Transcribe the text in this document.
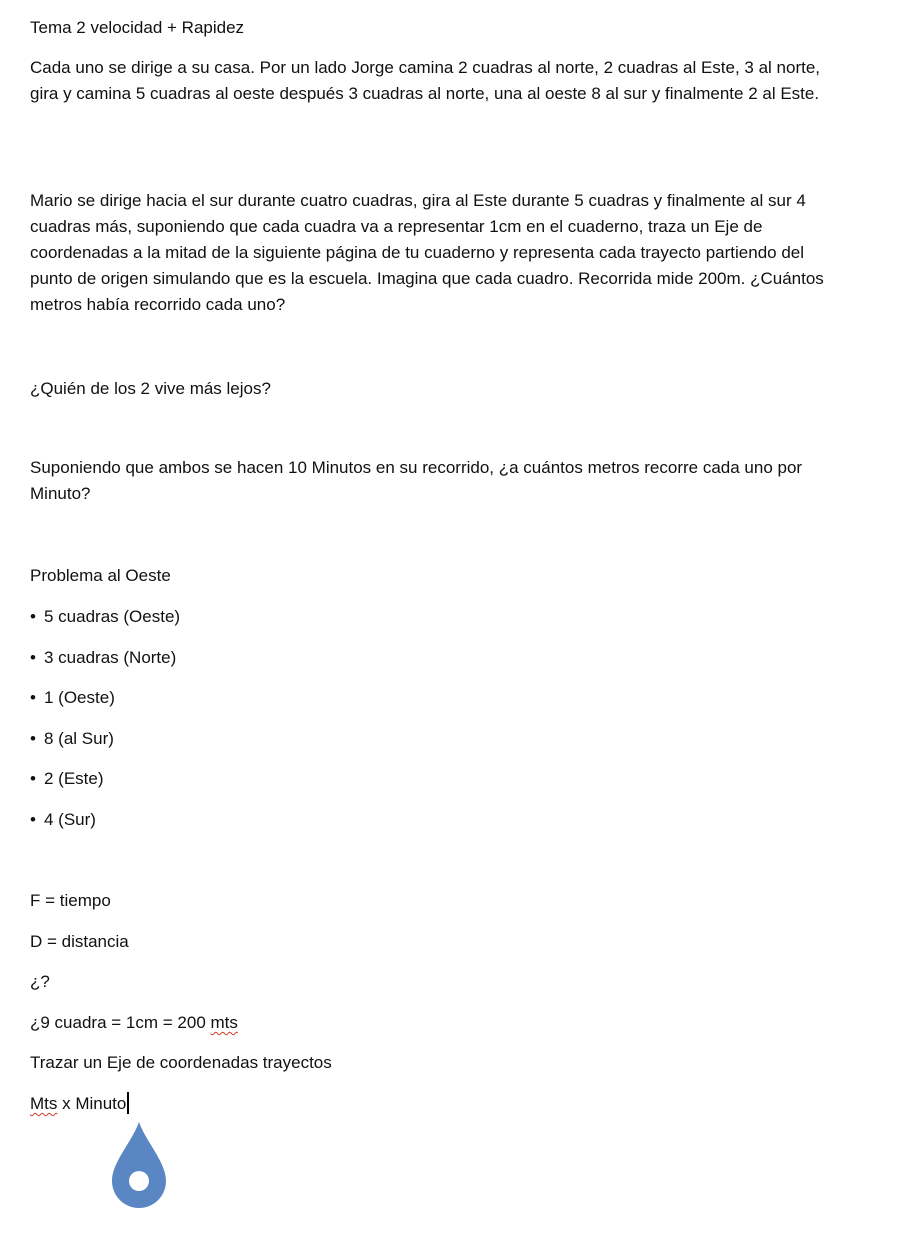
Tema 2 velocidad + Rapidez

Cada uno se dirige a su casa. Por un lado Jorge camina 2 cuadras al norte, 2 cuadras al Este, 3 al norte, gira y camina 5 cuadras al oeste después 3 cuadras al norte, una al oeste 8 al sur y finalmente 2 al Este.

Mario se dirige hacia el sur durante cuatro cuadras, gira al Este durante 5 cuadras y finalmente al sur 4 cuadras más, suponiendo que cada cuadra va a representar 1cm en el cuaderno, traza un Eje de coordenadas a la mitad de la siguiente página de tu cuaderno y representa cada trayecto partiendo del punto de origen simulando que es la escuela. Imagina que cada cuadro. Recorrida mide 200m. ¿Cuántos metros había recorrido cada uno?

¿Quién de los 2 vive más lejos?

Suponiendo que ambos se hacen 10 Minutos en su recorrido, ¿a cuántos metros recorre cada uno por Minuto?

Problema al Oeste

• 5 cuadras (Oeste)
• 3 cuadras (Norte)
• 1 (Oeste)
• 8 (al Sur)
• 2 (Este)
• 4 (Sur)

F = tiempo

D = distancia

¿?

¿9 cuadra = 1cm = 200 mts

Trazar un Eje de coordenadas trayectos

Mts x Minuto
